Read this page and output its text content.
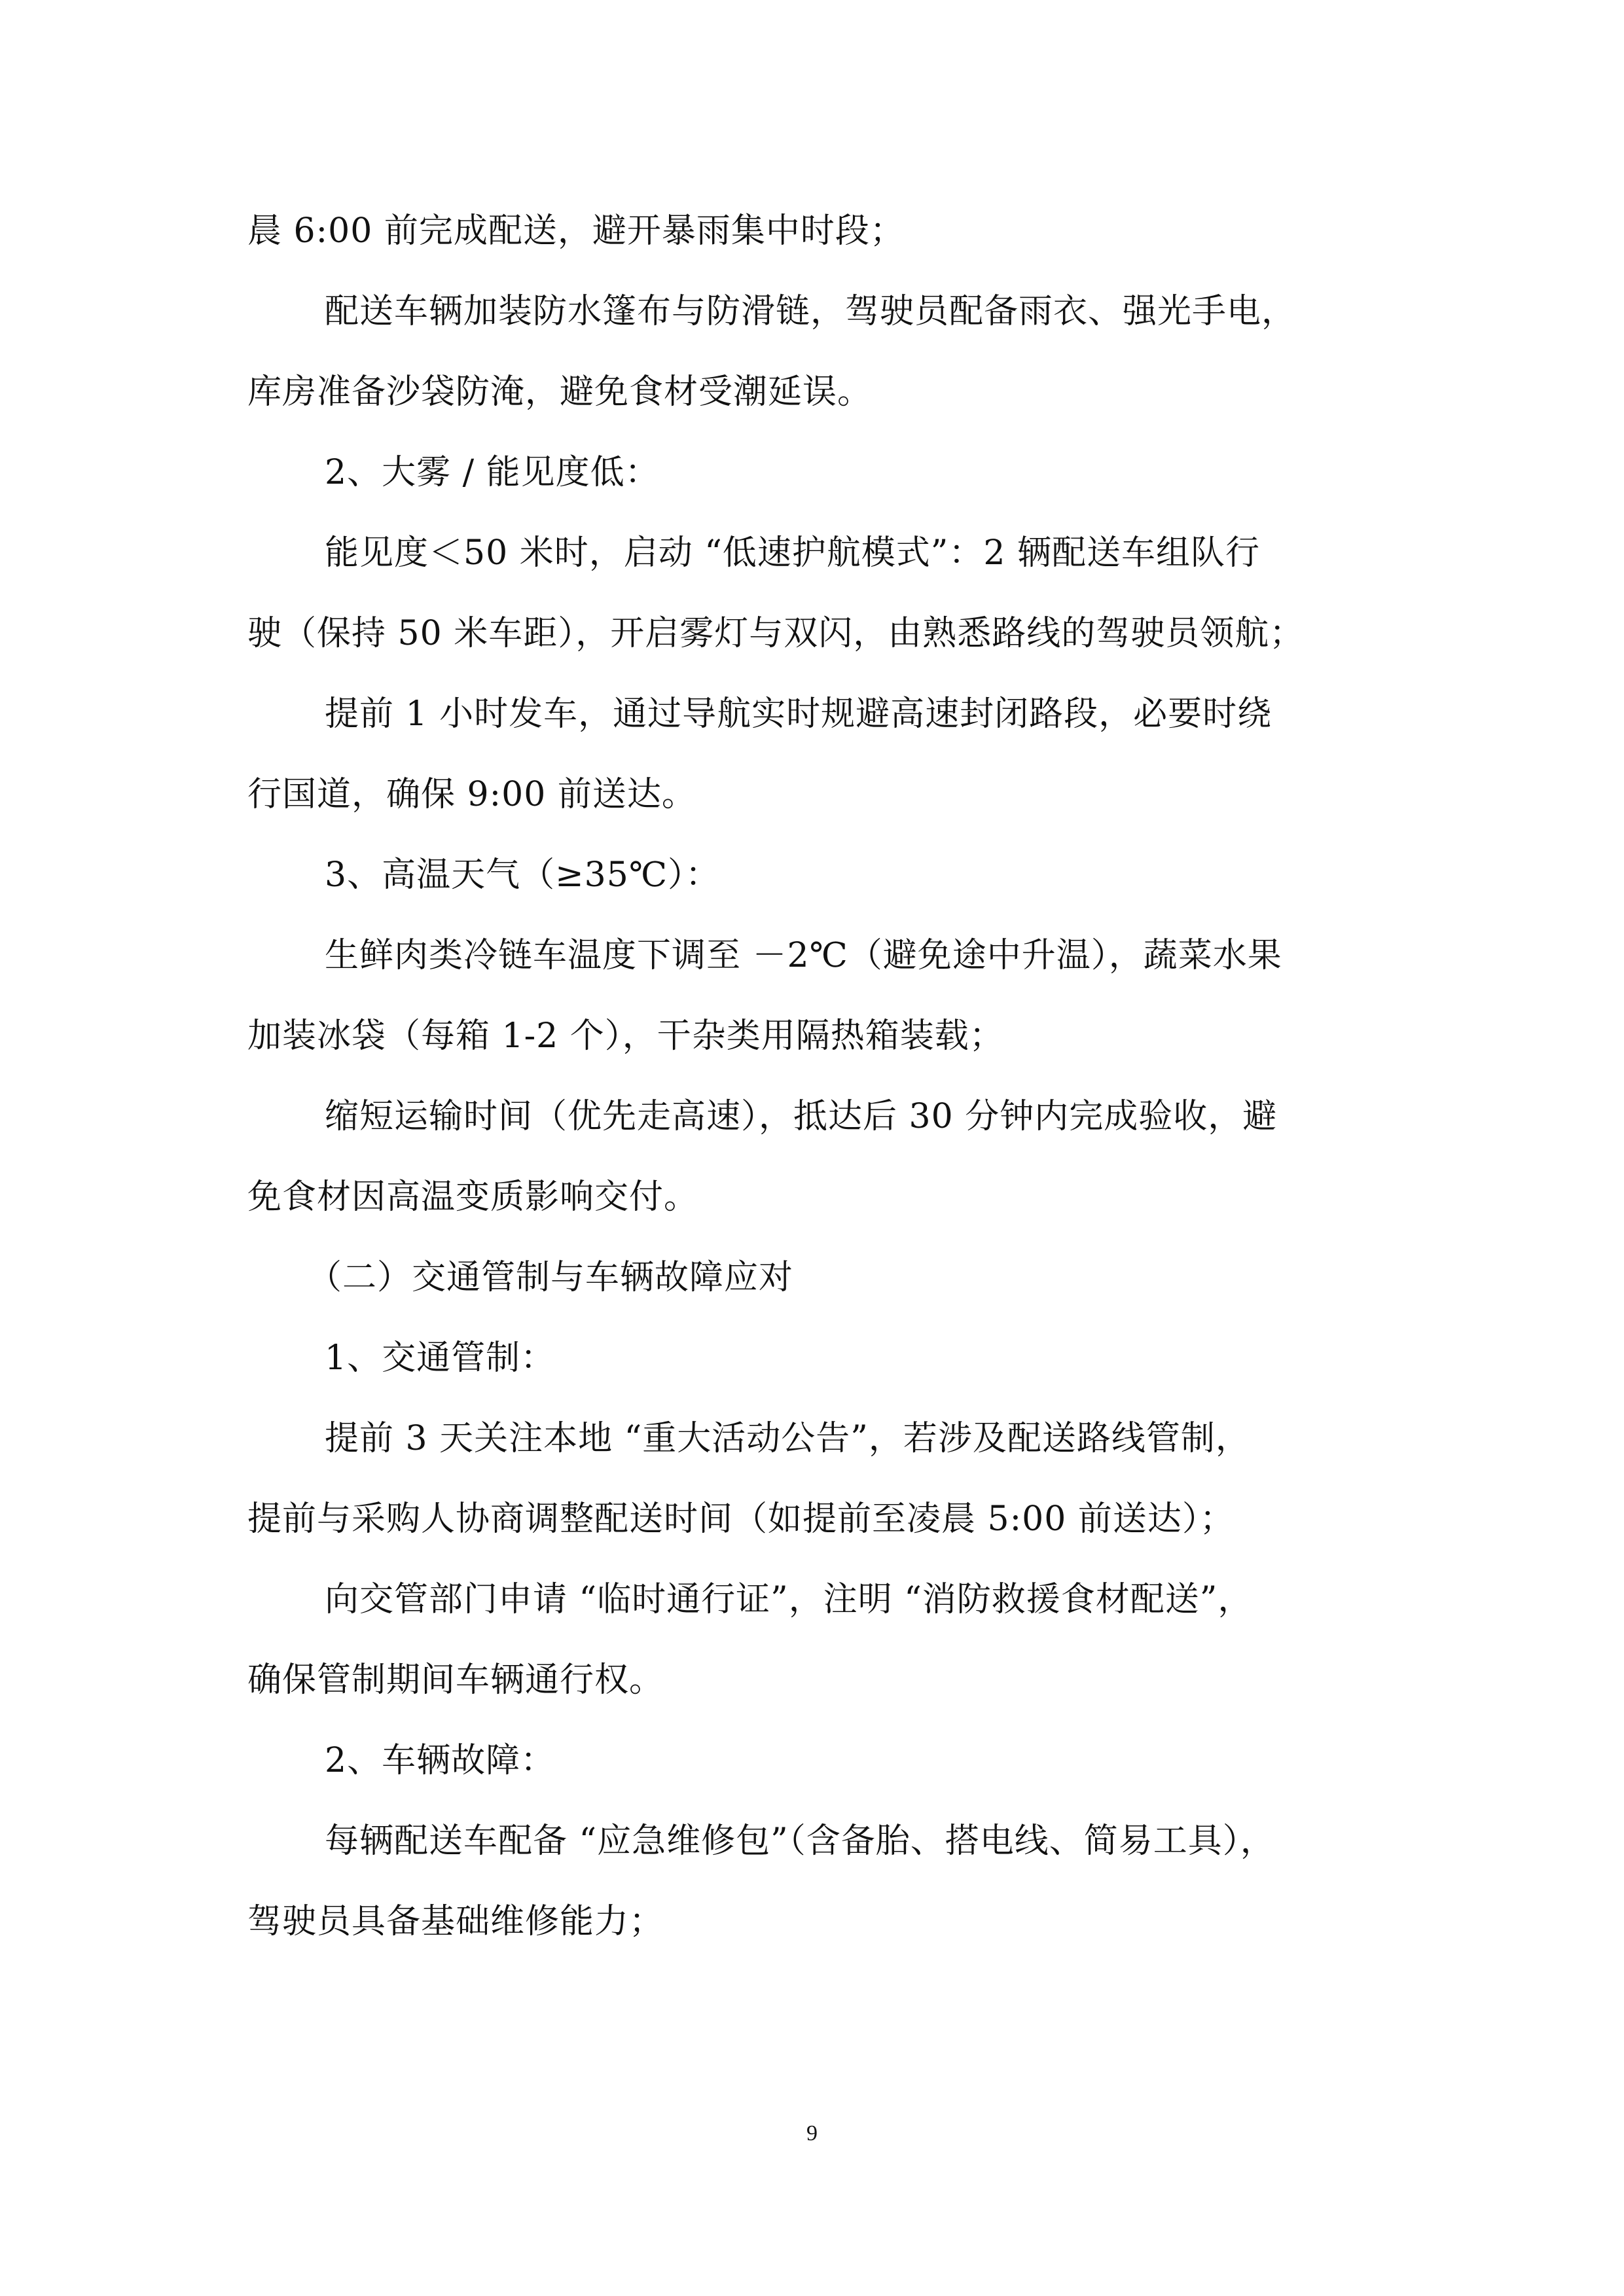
晨 6:00 前完成配送，避开暴雨集中时段；
配送车辆加装防水篷布与防滑链，驾驶员配备雨衣、强光手电，
库房准备沙袋防淹，避免食材受潮延误。
2、大雾 / 能见度低：
能见度＜50 米时，启动 “低速护航模式”：2 辆配送车组队行
驶（保持 50 米车距），开启雾灯与双闪，由熟悉路线的驾驶员领航；
提前 1 小时发车，通过导航实时规避高速封闭路段，必要时绕
行国道，确保 9:00 前送达。
3、高温天气（≥35℃）：
生鲜肉类冷链车温度下调至 －2℃（避免途中升温），蔬菜水果
加装冰袋（每箱 1-2 个），干杂类用隔热箱装载；
缩短运输时间（优先走高速），抵达后 30 分钟内完成验收，避
免食材因高温变质影响交付。
（二）交通管制与车辆故障应对
1、交通管制：
提前 3 天关注本地 “重大活动公告”，若涉及配送路线管制，
提前与采购人协商调整配送时间（如提前至凌晨 5:00 前送达）；
向交管部门申请 “临时通行证”，注明 “消防救援食材配送”，
确保管制期间车辆通行权。
2、车辆故障：
每辆配送车配备 “应急维修包”（含备胎、搭电线、简易工具），
驾驶员具备基础维修能力；
9
